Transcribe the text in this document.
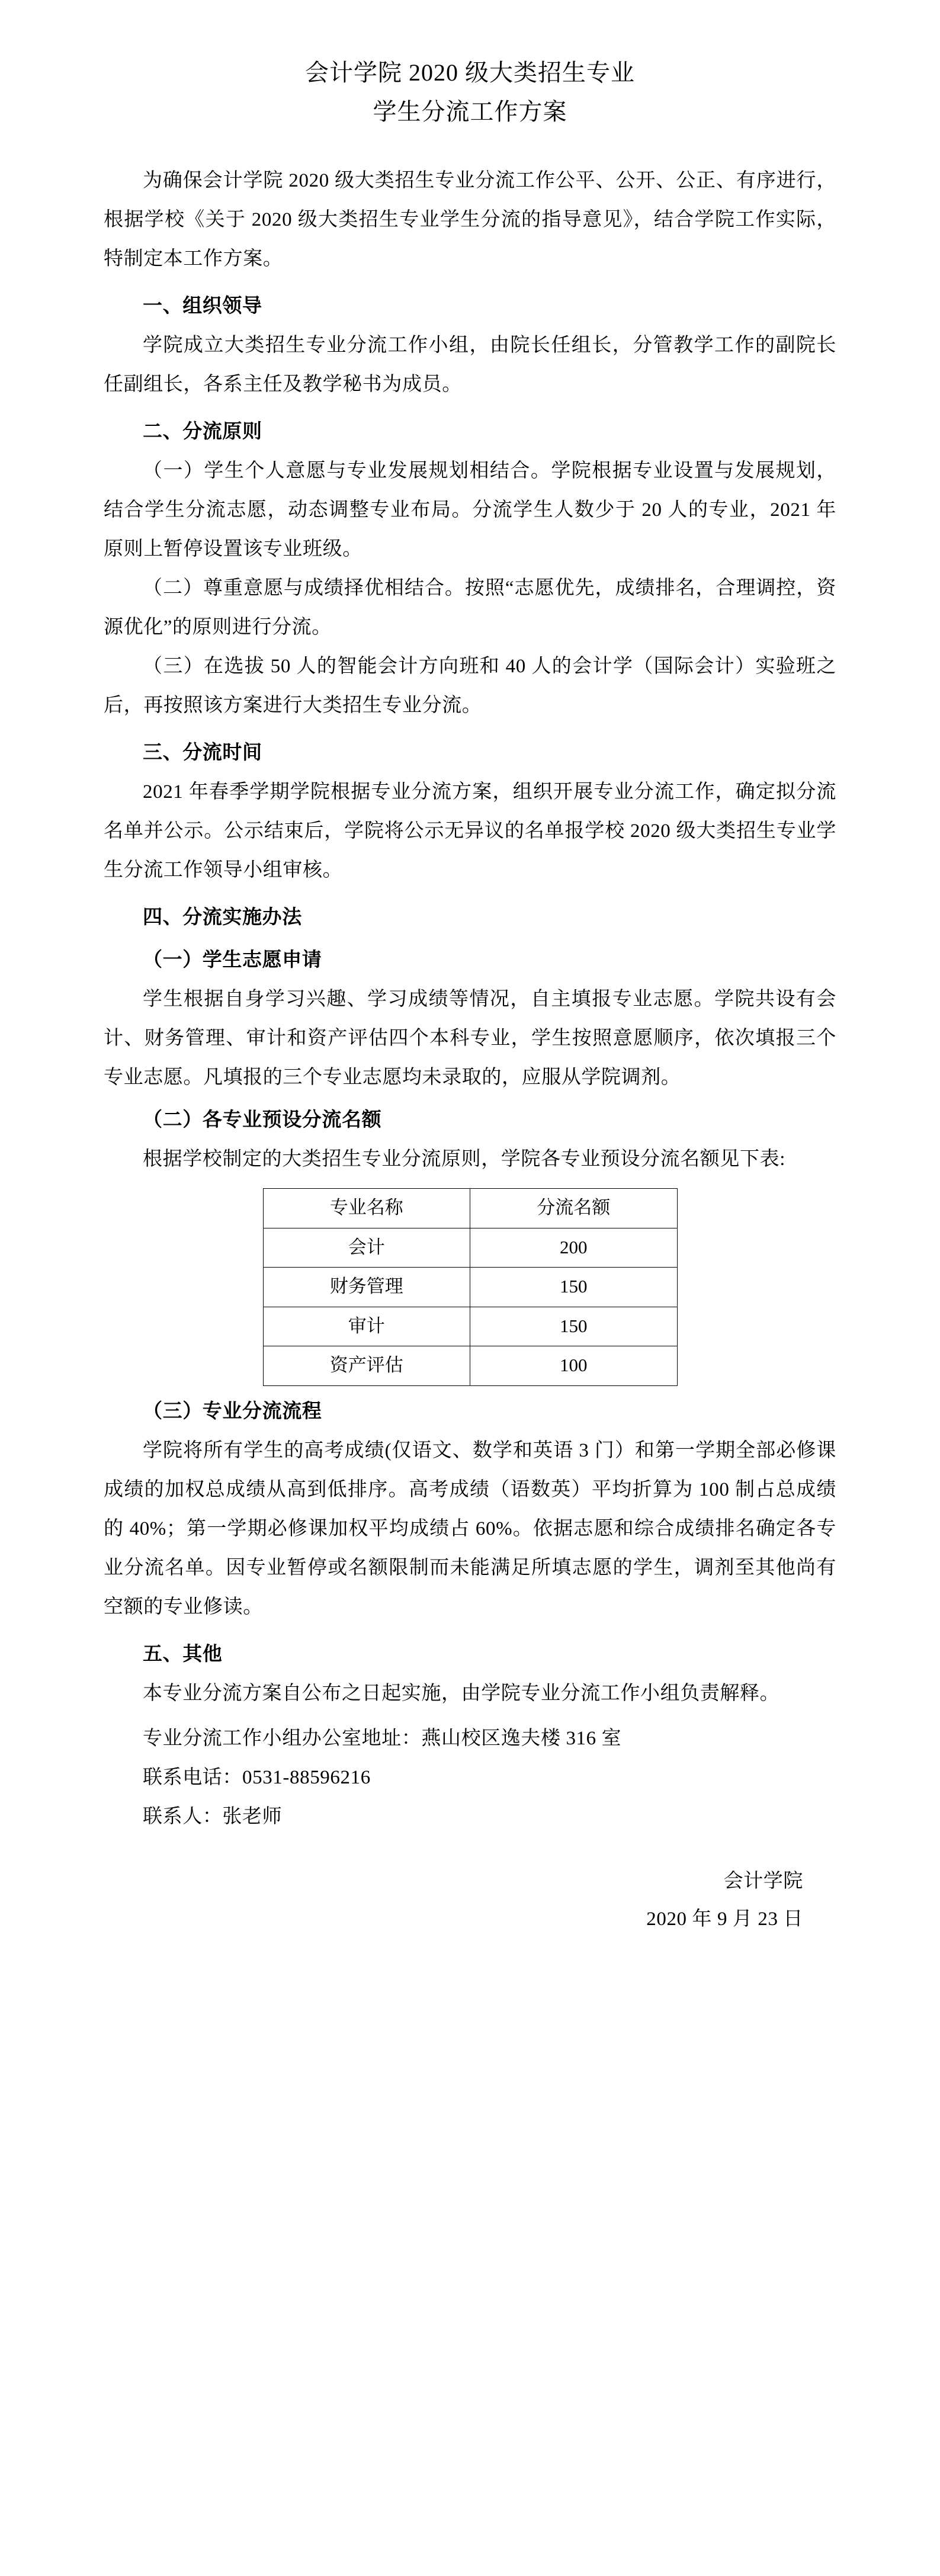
会计学院 2020 级大类招生专业
学生分流工作方案

为确保会计学院 2020 级大类招生专业分流工作公平、公开、公正、有序进行，根据学校《关于 2020 级大类招生专业学生分流的指导意见》，结合学院工作实际，特制定本工作方案。

一、组织领导

学院成立大类招生专业分流工作小组，由院长任组长，分管教学工作的副院长任副组长，各系主任及教学秘书为成员。

二、分流原则

（一）学生个人意愿与专业发展规划相结合。学院根据专业设置与发展规划，结合学生分流志愿，动态调整专业布局。分流学生人数少于 20 人的专业，2021 年原则上暂停设置该专业班级。

（二）尊重意愿与成绩择优相结合。按照“志愿优先，成绩排名，合理调控，资源优化”的原则进行分流。

（三）在选拔 50 人的智能会计方向班和 40 人的会计学（国际会计）实验班之后，再按照该方案进行大类招生专业分流。

三、分流时间

2021 年春季学期学院根据专业分流方案，组织开展专业分流工作，确定拟分流名单并公示。公示结束后，学院将公示无异议的名单报学校 2020 级大类招生专业学生分流工作领导小组审核。

四、分流实施办法
（一）学生志愿申请

学生根据自身学习兴趣、学习成绩等情况，自主填报专业志愿。学院共设有会计、财务管理、审计和资产评估四个本科专业，学生按照意愿顺序，依次填报三个专业志愿。凡填报的三个专业志愿均未录取的，应服从学院调剂。

（二）各专业预设分流名额

根据学校制定的大类招生专业分流原则，学院各专业预设分流名额见下表:

专业名称	分流名额
会计	200
财务管理	150
审计	150
资产评估	100
（三）专业分流流程

学院将所有学生的高考成绩(仅语文、数学和英语 3 门）和第一学期全部必修课成绩的加权总成绩从高到低排序。高考成绩（语数英）平均折算为 100 制占总成绩的 40%；第一学期必修课加权平均成绩占 60%。依据志愿和综合成绩排名确定各专业分流名单。因专业暂停或名额限制而未能满足所填志愿的学生，调剂至其他尚有空额的专业修读。

五、其他

本专业分流方案自公布之日起实施，由学院专业分流工作小组负责解释。

专业分流工作小组办公室地址：燕山校区逸夫楼 316 室

联系电话：0531-88596216

联系人：张老师

会计学院

2020 年 9 月 23 日
